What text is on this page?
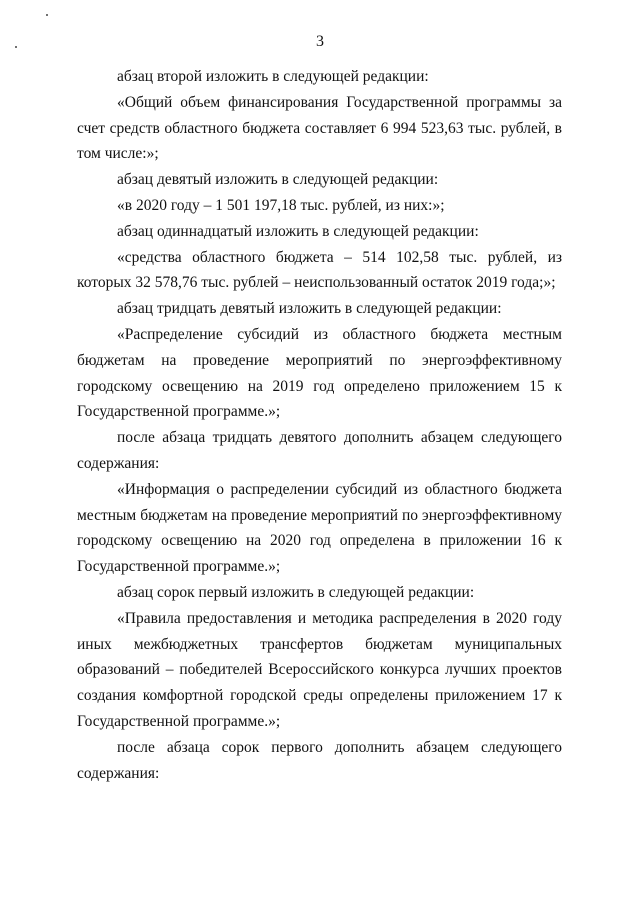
3

абзац второй изложить в следующей редакции:

«Общий объем финансирования Государственной программы за счет средств областного бюджета составляет 6 994 523,63 тыс. рублей, в том числе:»;

абзац девятый изложить в следующей редакции:

«в 2020 году – 1 501 197,18 тыс. рублей, из них:»;

абзац одиннадцатый изложить в следующей редакции:

«средства областного бюджета – 514 102,58 тыс. рублей, из которых 32 578,76 тыс. рублей – неиспользованный остаток 2019 года;»;

абзац тридцать девятый изложить в следующей редакции:

«Распределение субсидий из областного бюджета местным бюджетам на проведение мероприятий по энергоэффективному городскому освещению на 2019 год определено приложением 15 к Государственной программе.»;

после абзаца тридцать девятого дополнить абзацем следующего содержания:

«Информация о распределении субсидий из областного бюджета местным бюджетам на проведение мероприятий по энергоэффективному городскому освещению на 2020 год определена в приложении 16 к Государственной программе.»;

абзац сорок первый изложить в следующей редакции:

«Правила предоставления и методика распределения в 2020 году иных межбюджетных трансфертов бюджетам муниципальных образований – победителей Всероссийского конкурса лучших проектов создания комфортной городской среды определены приложением 17 к Государственной программе.»;

после абзаца сорок первого дополнить абзацем следующего содержания:
